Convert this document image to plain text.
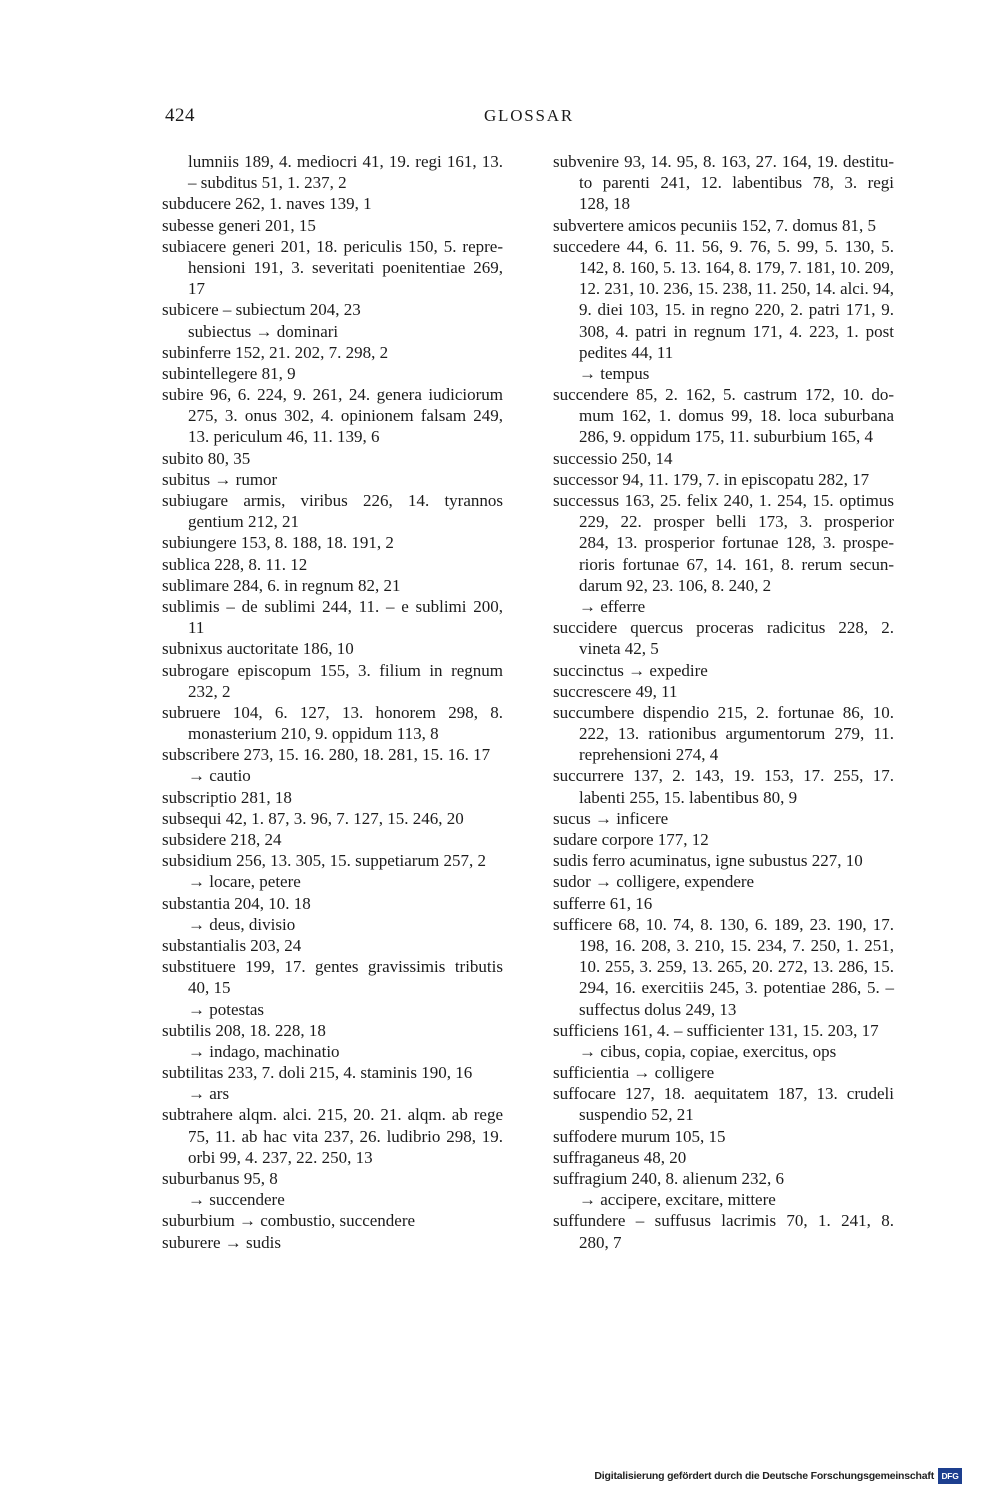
424	GLOSSAR
lumniis 189, 4. mediocri 41, 19. regi 161, 13.
– subditus 51, 1. 237, 2
subducere 262, 1. naves 139, 1
subesse generi 201, 15
subiacere generi 201, 18. periculis 150, 5. repre-
hensioni 191, 3. severitati poenitentiae 269,
17
subicere – subiectum 204, 23
subiectus → dominari
subinferre 152, 21. 202, 7. 298, 2
subintellegere 81, 9
subire 96, 6. 224, 9. 261, 24. genera iudiciorum
275, 3. onus 302, 4. opinionem falsam 249,
13. periculum 46, 11. 139, 6
subito 80, 35
subitus → rumor
subiugare armis, viribus 226, 14. tyrannos
gentium 212, 21
subiungere 153, 8. 188, 18. 191, 2
sublica 228, 8. 11. 12
sublimare 284, 6. in regnum 82, 21
sublimis – de sublimi 244, 11. – e sublimi 200,
11
subnixus auctoritate 186, 10
subrogare episcopum 155, 3. filium in regnum
232, 2
subruere 104, 6. 127, 13. honorem 298, 8.
monasterium 210, 9. oppidum 113, 8
subscribere 273, 15. 16. 280, 18. 281, 15. 16. 17
→ cautio
subscriptio 281, 18
subsequi 42, 1. 87, 3. 96, 7. 127, 15. 246, 20
subsidere 218, 24
subsidium 256, 13. 305, 15. suppetiarum 257, 2
→ locare, petere
substantia 204, 10. 18
→ deus, divisio
substantialis 203, 24
substituere 199, 17. gentes gravissimis tributis
40, 15
→ potestas
subtilis 208, 18. 228, 18
→ indago, machinatio
subtilitas 233, 7. doli 215, 4. staminis 190, 16
→ ars
subtrahere alqm. alci. 215, 20. 21. alqm. ab rege
75, 11. ab hac vita 237, 26. ludibrio 298, 19.
orbi 99, 4. 237, 22. 250, 13
suburbanus 95, 8
→ succendere
suburbium → combustio, succendere
suburere → sudis
subvenire 93, 14. 95, 8. 163, 27. 164, 19. destitu-
to parenti 241, 12. labentibus 78, 3. regi
128, 18
subvertere amicos pecuniis 152, 7. domus 81, 5
succedere 44, 6. 11. 56, 9. 76, 5. 99, 5. 130, 5.
142, 8. 160, 5. 13. 164, 8. 179, 7. 181, 10. 209,
12. 231, 10. 236, 15. 238, 11. 250, 14. alci. 94,
9. diei 103, 15. in regno 220, 2. patri 171, 9.
308, 4. patri in regnum 171, 4. 223, 1. post
pedites 44, 11
→ tempus
succendere 85, 2. 162, 5. castrum 172, 10. do-
mum 162, 1. domus 99, 18. loca suburbana
286, 9. oppidum 175, 11. suburbium 165, 4
successio 250, 14
successor 94, 11. 179, 7. in episcopatu 282, 17
successus 163, 25. felix 240, 1. 254, 15. optimus
229, 22. prosper belli 173, 3. prosperior
284, 13. prosperior fortunae 128, 3. prospe-
rioris fortunae 67, 14. 161, 8. rerum secun-
darum 92, 23. 106, 8. 240, 2
→ efferre
succidere quercus proceras radicitus 228, 2.
vineta 42, 5
succinctus → expedire
succrescere 49, 11
succumbere dispendio 215, 2. fortunae 86, 10.
222, 13. rationibus argumentorum 279, 11.
reprehensioni 274, 4
succurrere 137, 2. 143, 19. 153, 17. 255, 17.
labenti 255, 15. labentibus 80, 9
sucus → inficere
sudare corpore 177, 12
sudis ferro acuminatus, igne subustus 227, 10
sudor → colligere, expendere
sufferre 61, 16
sufficere 68, 10. 74, 8. 130, 6. 189, 23. 190, 17.
198, 16. 208, 3. 210, 15. 234, 7. 250, 1. 251,
10. 255, 3. 259, 13. 265, 20. 272, 13. 286, 15.
294, 16. exercitiis 245, 3. potentiae 286, 5. –
suffectus dolus 249, 13
sufficiens 161, 4. – sufficienter 131, 15. 203, 17
→ cibus, copia, copiae, exercitus, ops
sufficientia → colligere
suffocare 127, 18. aequitatem 187, 13. crudeli
suspendio 52, 21
suffodere murum 105, 15
suffraganeus 48, 20
suffragium 240, 8. alienum 232, 6
→ accipere, excitare, mittere
suffundere – suffusus lacrimis 70, 1. 241, 8.
280, 7
Digitalisierung gefördert durch die Deutsche Forschungsgemeinschaft DFG
